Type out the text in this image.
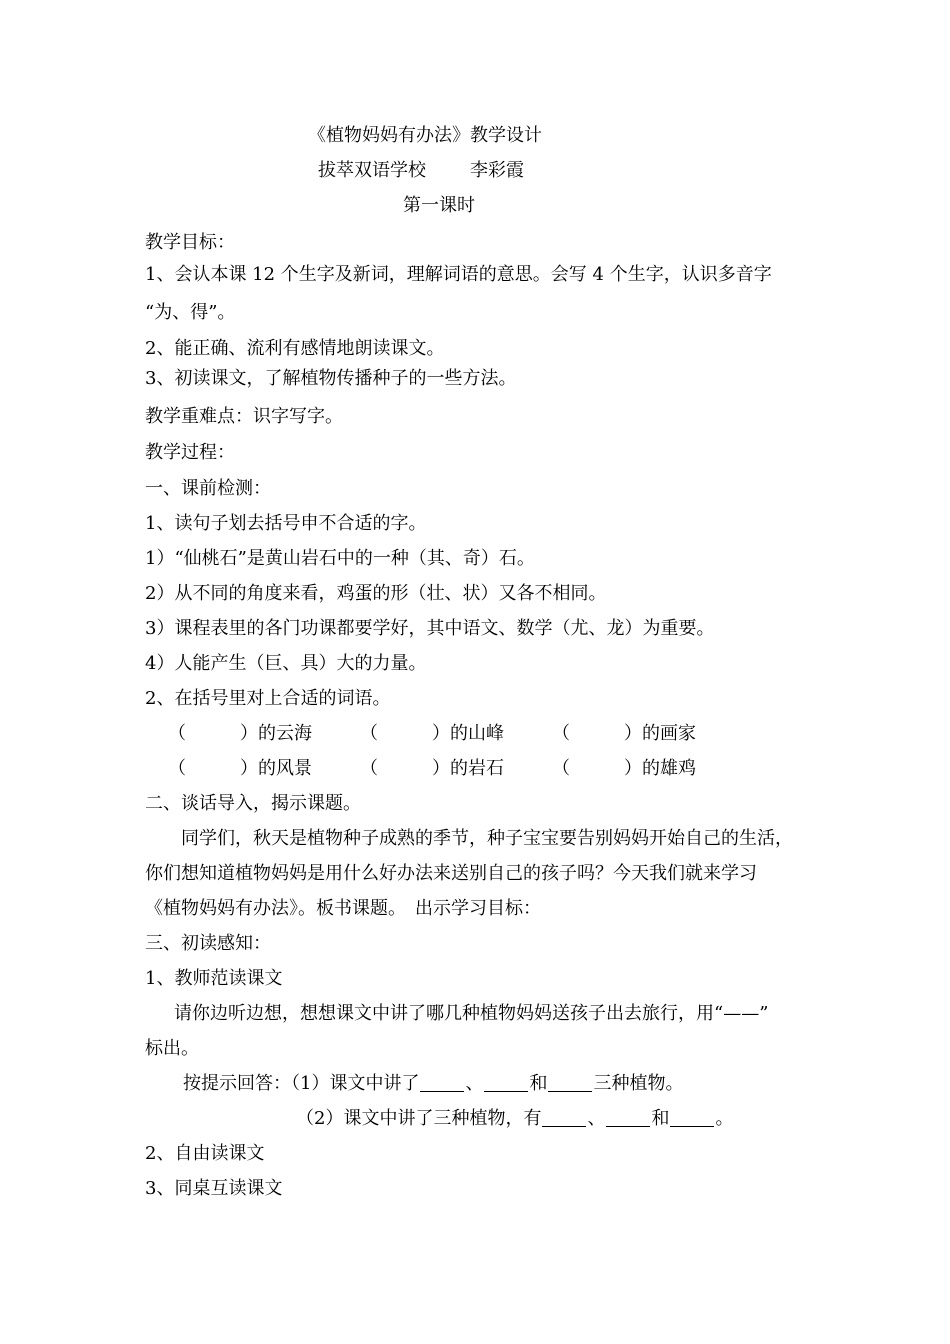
《植物妈妈有办法》教学设计
拔萃双语学校 李彩霞
第一课时
教学目标：
1、会认本课 12 个生字及新词，理解词语的意思。会写 4 个生字，认识多音字
“为、得”。
2、能正确、流利有感情地朗读课文。
3、初读课文，了解植物传播种子的一些方法。
教学重难点：识字写字。
教学过程：
一、课前检测：
1、读句子划去括号申不合适的字。
1）“仙桃石”是黄山岩石中的一种（其、奇）石。
2）从不同的角度来看，鸡蛋的形（壮、状）又各不相同。
3）课程表里的各门功课都要学好，其中语文、数学（尤、龙）为重要。
4）人能产生（巨、具）大的力量。
2、在括号里对上合适的词语。
（　　　）的云海	（　　　）的山峰	（　　　）的画家
（　　　）的风景	（　　　）的岩石	（　　　）的雄鸡
二、谈话导入，揭示课题。
同学们，秋天是植物种子成熟的季节，种子宝宝要告别妈妈开始自己的生活，
你们想知道植物妈妈是用什么好办法来送别自己的孩子吗？今天我们就来学习
《植物妈妈有办法》。板书课题。　出示学习目标：
三、初读感知：
1、教师范读课文
请你边听边想，想想课文中讲了哪几种植物妈妈送孩子出去旅行，用“——”
标出。
按提示回答：（1）课文中讲了	、	和	三种植物。
（2）课文中讲了三种植物，有	、	和	。
2、自由读课文
3、同桌互读课文
